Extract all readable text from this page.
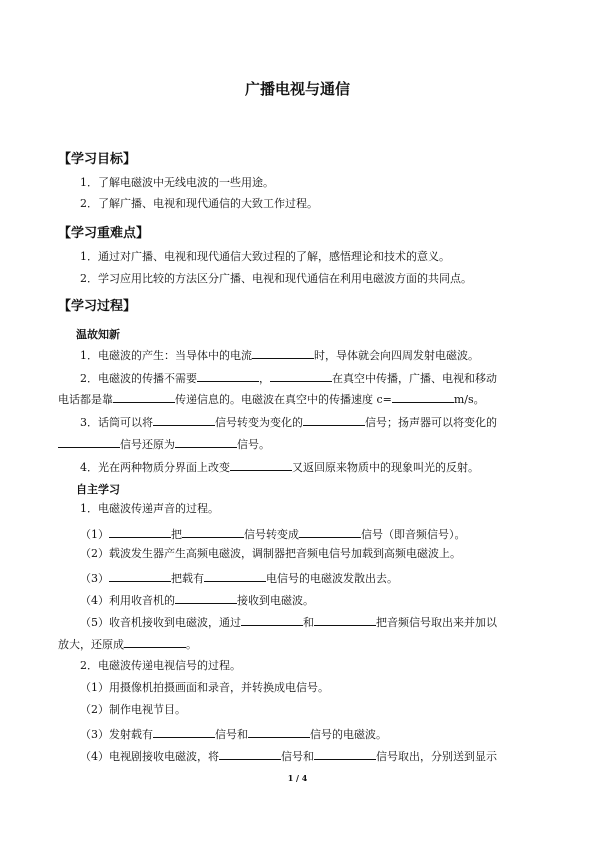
广播电视与通信
【学习目标】
1．了解电磁波中无线电波的一些用途。
2．了解广播、电视和现代通信的大致工作过程。
【学习重难点】
1．通过对广播、电视和现代通信大致过程的了解，感悟理论和技术的意义。
2．学习应用比较的方法区分广播、电视和现代通信在利用电磁波方面的共同点。
【学习过程】
温故知新
1．电磁波的产生：当导体中的电流	时，导体就会向四周发射电磁波。
2．电磁波的传播不需要	，	在真空中传播，广播、电视和移动
电话都是靠	传递信息的。电磁波在真空中的传播速度 c=	m/s。
3．话筒可以将	信号转变为变化的	信号；扬声器可以将变化的
信号还原为	信号。
4．光在两种物质分界面上改变	又返回原来物质中的现象叫光的反射。
自主学习
1．电磁波传递声音的过程。
（1）	把	信号转变成	信号（即音频信号）。
（2）载波发生器产生高频电磁波，调制器把音频电信号加载到高频电磁波上。
（3）	把载有	电信号的电磁波发散出去。
（4）利用收音机的	接收到电磁波。
（5）收音机接收到电磁波，通过	和	把音频信号取出来并加以
放大，还原成	。
2．电磁波传递电视信号的过程。
（1）用摄像机拍摄画面和录音，并转换成电信号。
（2）制作电视节目。
（3）发射载有	信号和	信号的电磁波。
（4）电视剧接收电磁波，将	信号和	信号取出，分别送到显示
1 / 4
